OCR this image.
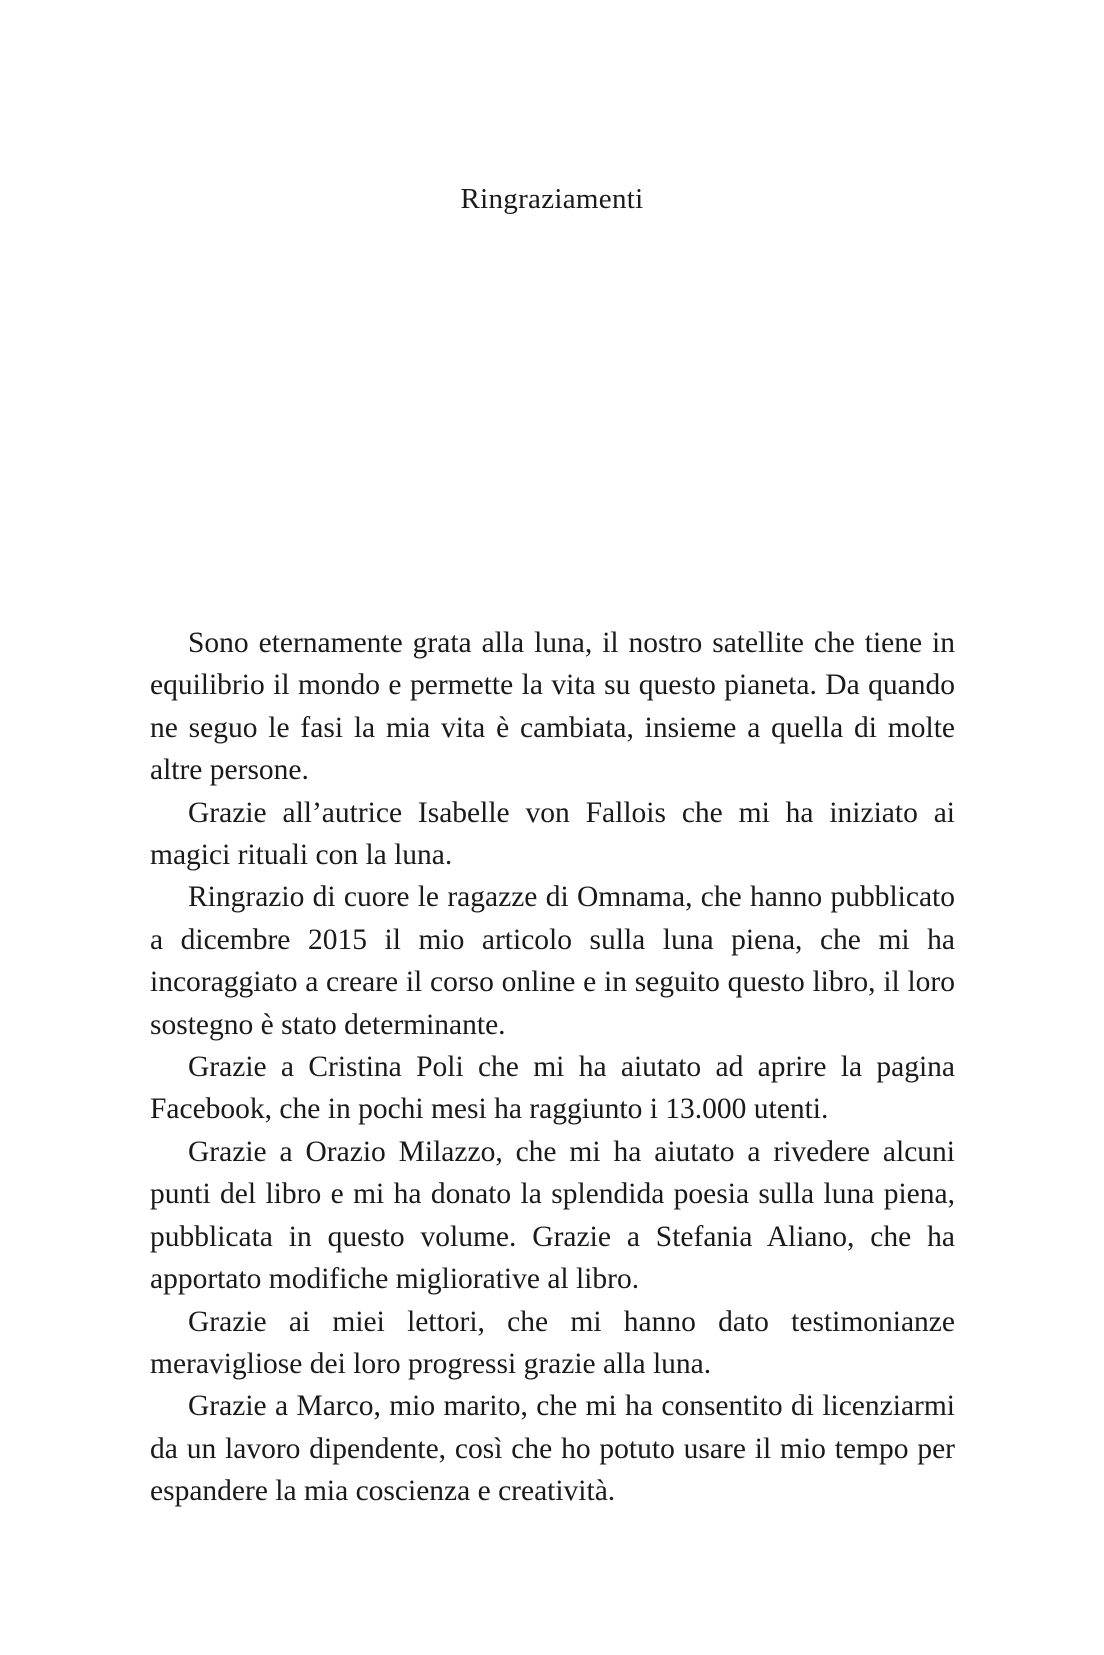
Ringraziamenti

Sono eternamente grata alla luna, il nostro satellite che tiene in equilibrio il mondo e permette la vita su questo pianeta. Da quando ne seguo le fasi la mia vita è cambiata, insieme a quella di molte altre persone.

Grazie all’autrice Isabelle von Fallois che mi ha iniziato ai magici rituali con la luna.

Ringrazio di cuore le ragazze di Omnama, che hanno pubblicato a dicembre 2015 il mio articolo sulla luna piena, che mi ha incoraggiato a creare il corso online e in seguito questo libro, il loro sostegno è stato determinante.

Grazie a Cristina Poli che mi ha aiutato ad aprire la pagina Facebook, che in pochi mesi ha raggiunto i 13.000 utenti.

Grazie a Orazio Milazzo, che mi ha aiutato a rivedere alcuni punti del libro e mi ha donato la splendida poesia sulla luna piena, pubblicata in questo volume. Grazie a Stefania Aliano, che ha apportato modifiche migliorative al libro.

Grazie ai miei lettori, che mi hanno dato testimonianze meravigliose dei loro progressi grazie alla luna.

Grazie a Marco, mio marito, che mi ha consentito di licenziarmi da un lavoro dipendente, così che ho potuto usare il mio tempo per espandere la mia coscienza e creatività.
